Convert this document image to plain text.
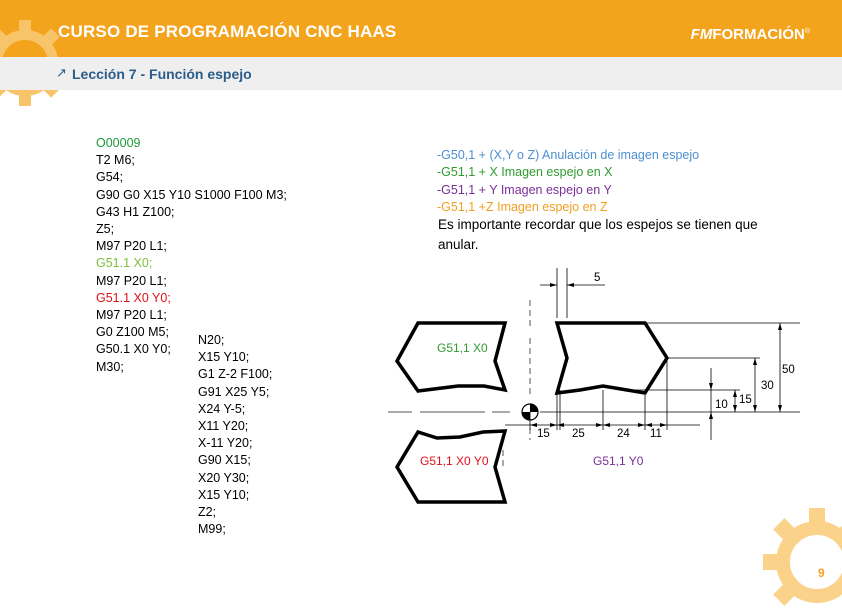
CURSO DE PROGRAMACIÓN CNC HAAS	FMFORMACIÓN®
↗ Lección 7 - Función espejo
O00009
T2 M6;
G54;
G90 G0 X15 Y10 S1000 F100 M3;
G43 H1 Z100;
Z5;
M97 P20 L1;
G51.1 X0;
M97 P20 L1;
G51.1 X0 Y0;
M97 P20 L1;
G0 Z100 M5;
G50.1 X0 Y0;
M30;
N20;
X15 Y10;
G1 Z-2 F100;
G91 X25 Y5;
X24 Y-5;
X11 Y20;
X-11 Y20;
G90 X15;
X20 Y30;
X15 Y10;
Z2;
M99;
-G50,1 + (X,Y o Z) Anulación de imagen espejo
-G51,1 + X Imagen espejo en X
-G51,1 + Y Imagen espejo en Y
-G51,1 +Z Imagen espejo en Z
Es importante recordar que los espejos se tienen que anular.
5
50
30
15
10
15 25	24 11
G51,1 X0
G51,1 X0 Y0	G51,1 Y0
9
